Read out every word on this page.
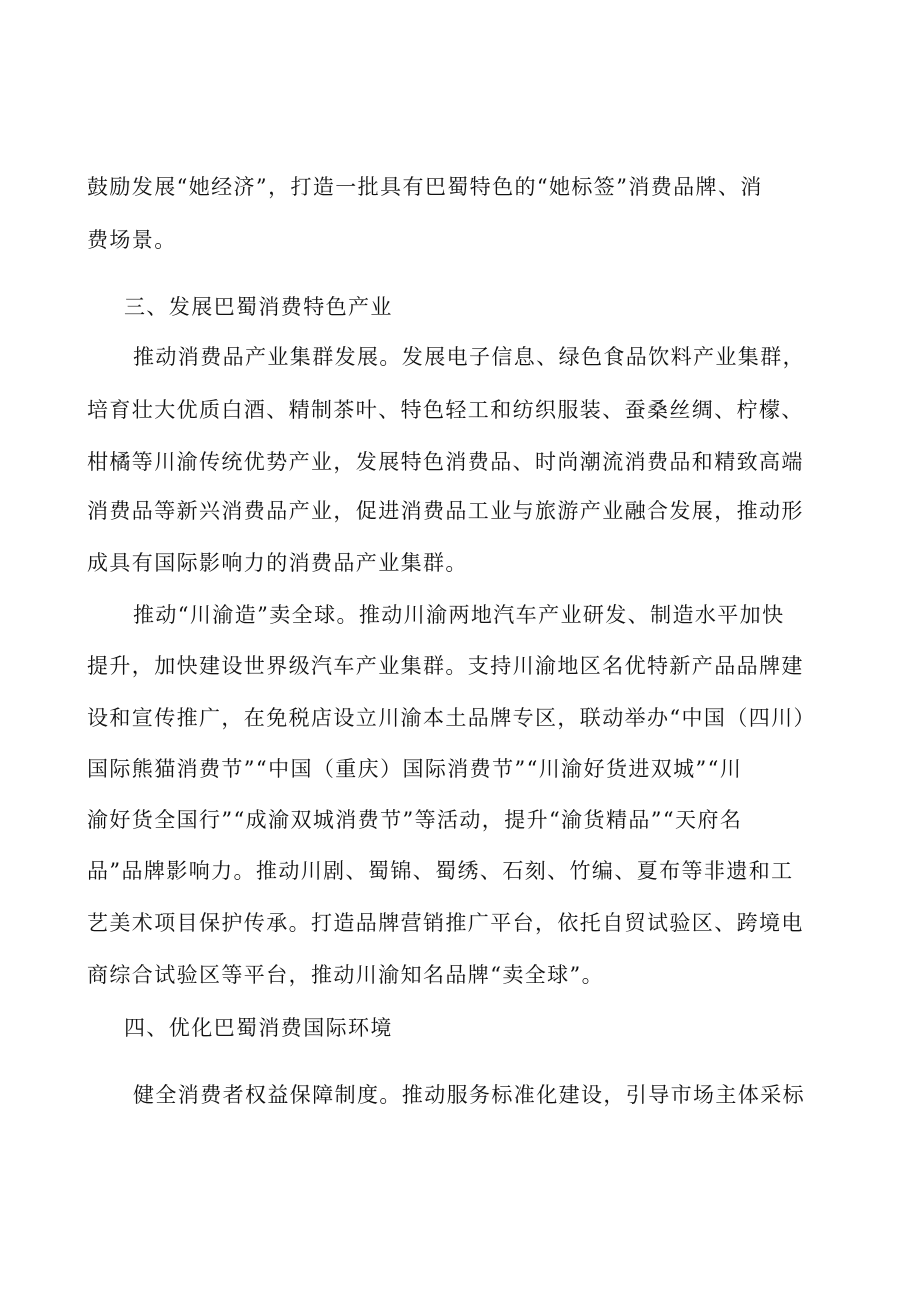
鼓励发展“她经济”，打造一批具有巴蜀特色的“她标签”消费品牌、消
费场景。
三、发展巴蜀消费特色产业
推动消费品产业集群发展。发展电子信息、绿色食品饮料产业集群，
培育壮大优质白酒、精制茶叶、特色轻工和纺织服装、蚕桑丝绸、柠檬、
柑橘等川渝传统优势产业，发展特色消费品、时尚潮流消费品和精致高端
消费品等新兴消费品产业，促进消费品工业与旅游产业融合发展，推动形
成具有国际影响力的消费品产业集群。
推动“川渝造”卖全球。推动川渝两地汽车产业研发、制造水平加快
提升，加快建设世界级汽车产业集群。支持川渝地区名优特新产品品牌建
设和宣传推广，在免税店设立川渝本土品牌专区，联动举办“中国（四川）
国际熊猫消费节”“中国（重庆）国际消费节”“川渝好货进双城”“川
渝好货全国行”“成渝双城消费节”等活动，提升“渝货精品”“天府名
品”品牌影响力。推动川剧、蜀锦、蜀绣、石刻、竹编、夏布等非遗和工
艺美术项目保护传承。打造品牌营销推广平台，依托自贸试验区、跨境电
商综合试验区等平台，推动川渝知名品牌“卖全球”。
四、优化巴蜀消费国际环境
健全消费者权益保障制度。推动服务标准化建设，引导市场主体采标
